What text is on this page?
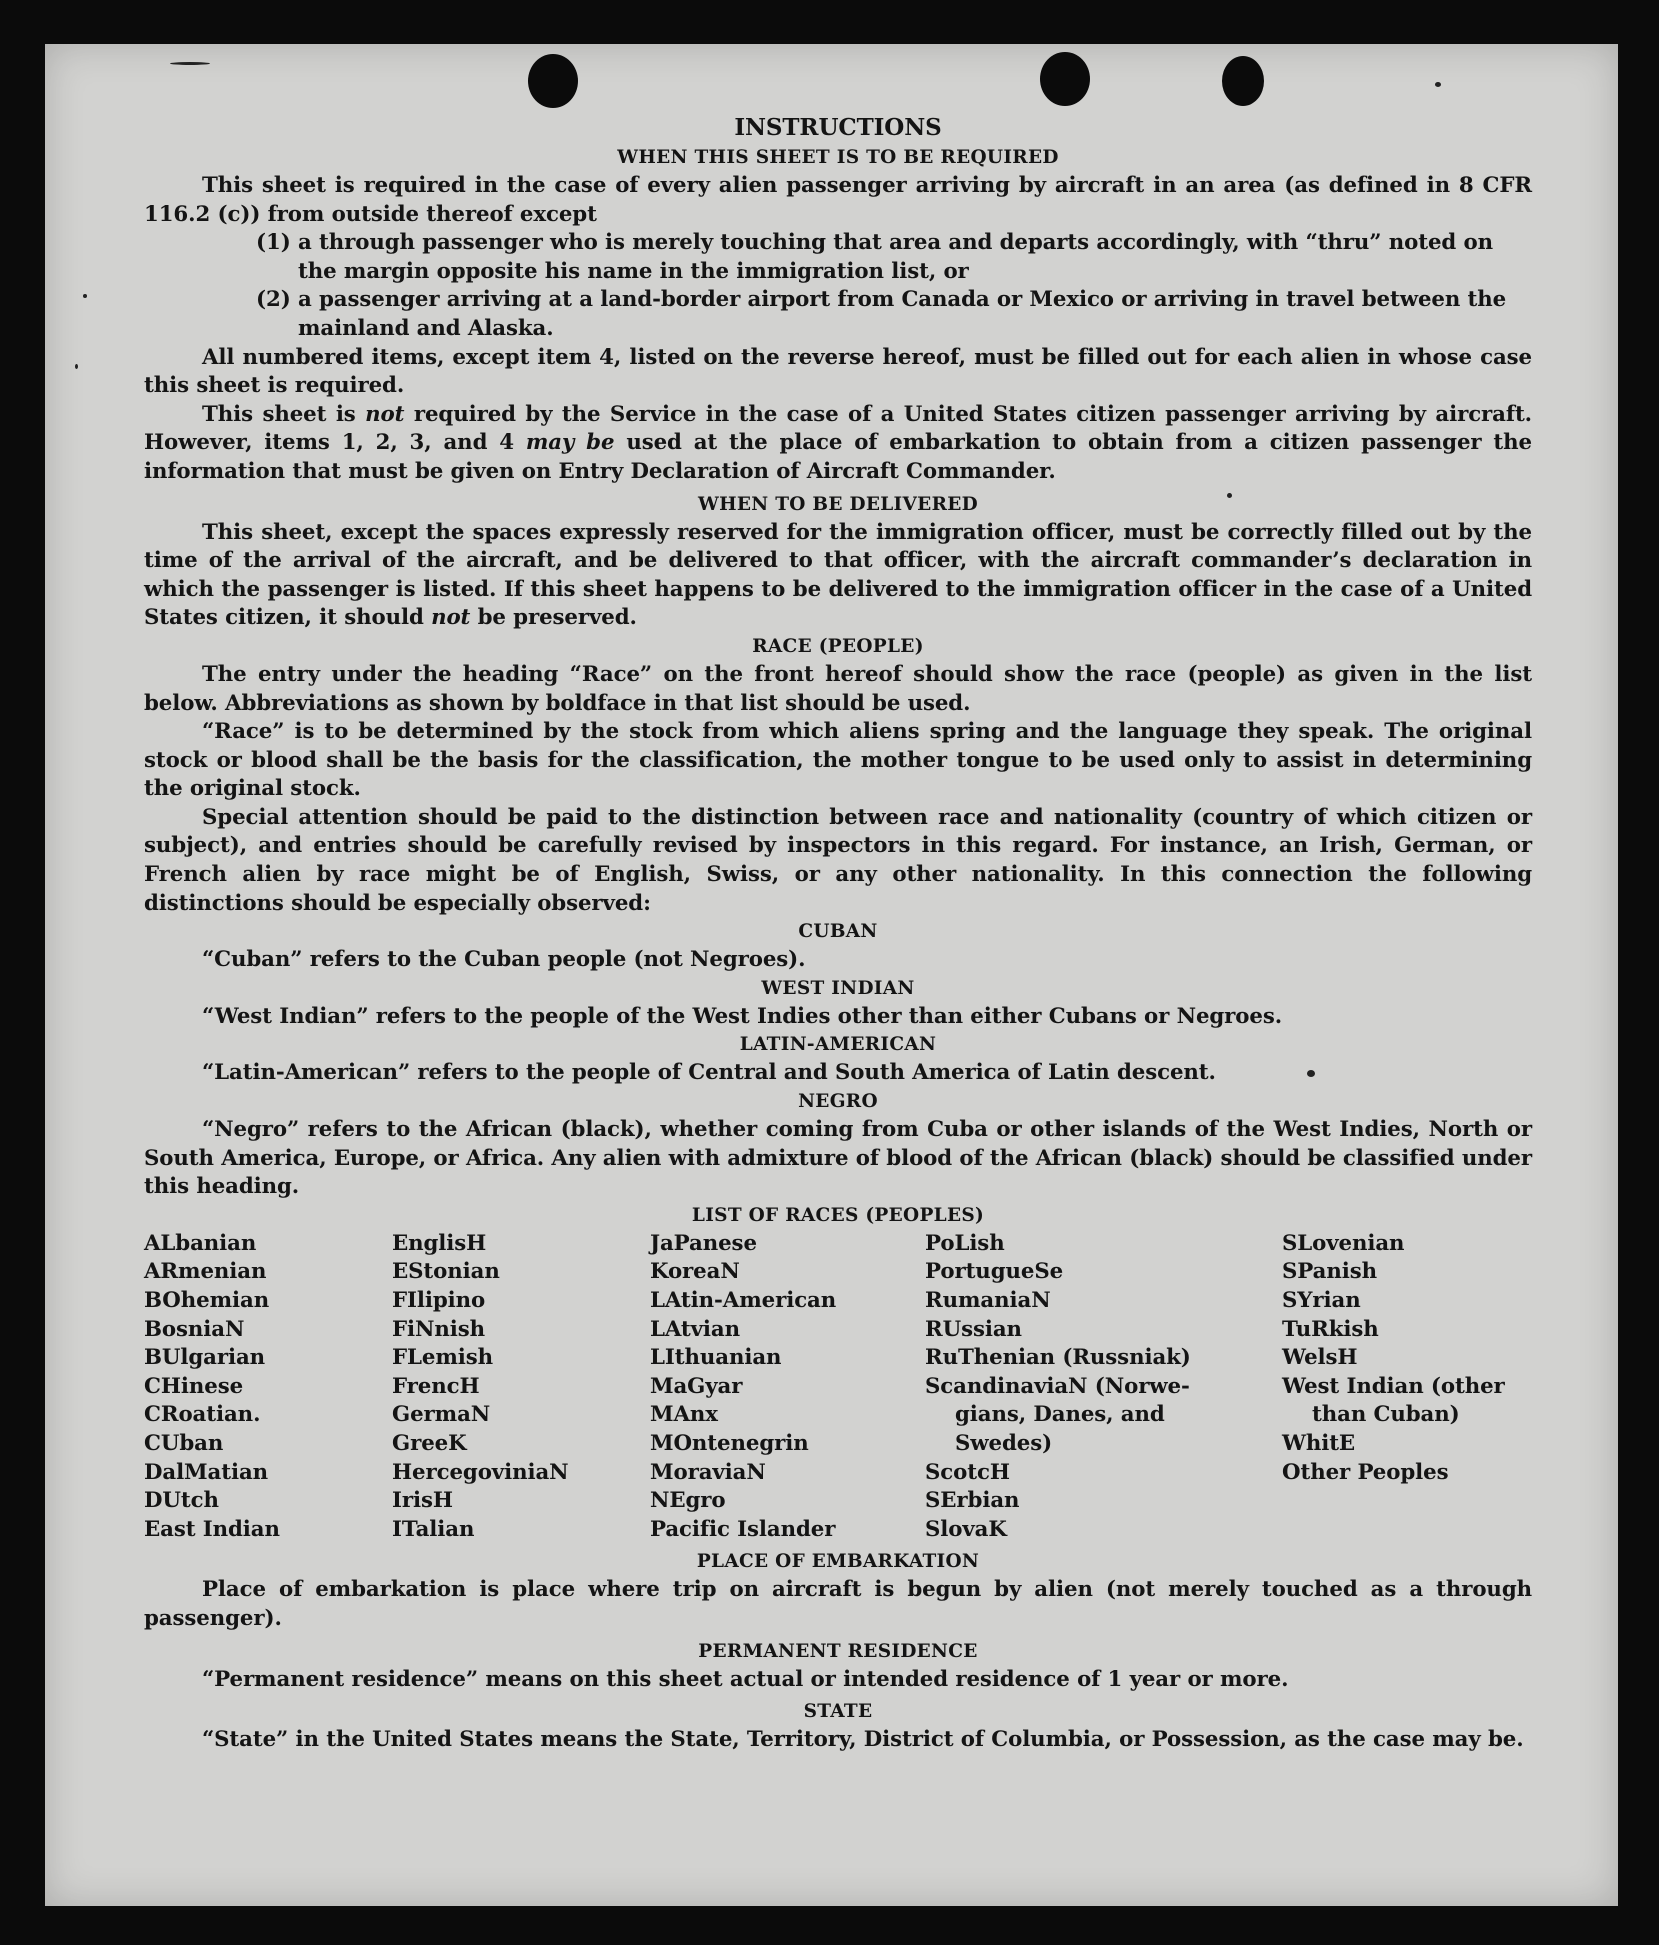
INSTRUCTIONS
WHEN THIS SHEET IS TO BE REQUIRED

This sheet is required in the case of every alien passenger arriving by aircraft in an area (as defined in 8 CFR 116.2 (c)) from outside thereof except

(1) a through passenger who is merely touching that area and departs accordingly, with “thru” noted on the margin opposite his name in the immigration list, or
(2) a passenger arriving at a land-border airport from Canada or Mexico or arriving in travel between the mainland and Alaska.

All numbered items, except item 4, listed on the reverse hereof, must be filled out for each alien in whose case this sheet is required.

This sheet is not required by the Service in the case of a United States citizen passenger arriving by aircraft. However, items 1, 2, 3, and 4 may be used at the place of embarkation to obtain from a citizen passenger the information that must be given on Entry Declaration of Aircraft Commander.

WHEN TO BE DELIVERED

This sheet, except the spaces expressly reserved for the immigration officer, must be correctly filled out by the time of the arrival of the aircraft, and be delivered to that officer, with the aircraft commander’s declaration in which the passenger is listed. If this sheet happens to be delivered to the immigration officer in the case of a United States citizen, it should not be preserved.

RACE (PEOPLE)

The entry under the heading “Race” on the front hereof should show the race (people) as given in the list below. Abbreviations as shown by boldface in that list should be used.

“Race” is to be determined by the stock from which aliens spring and the language they speak. The original stock or blood shall be the basis for the classification, the mother tongue to be used only to assist in determining the original stock.

Special attention should be paid to the distinction between race and nationality (country of which citizen or subject), and entries should be carefully revised by inspectors in this regard. For instance, an Irish, German, or French alien by race might be of English, Swiss, or any other nationality. In this connection the following distinctions should be especially observed:

CUBAN

“Cuban” refers to the Cuban people (not Negroes).

WEST INDIAN

“West Indian” refers to the people of the West Indies other than either Cubans or Negroes.

LATIN-AMERICAN

“Latin-American” refers to the people of Central and South America of Latin descent.

NEGRO

“Negro” refers to the African (black), whether coming from Cuba or other islands of the West Indies, North or South America, Europe, or Africa. Any alien with admixture of blood of the African (black) should be classified under this heading.

LIST OF RACES (PEOPLES)
ALbanian
ARmenian
BOhemian
BosniaN
BUlgarian
CHinese
CRoatian.
CUban
DalMatian
DUtch
East Indian
EnglisH
EStonian
FIlipino
FiNnish
FLemish
FrencH
GermaN
GreeK
HercegoviniaN
IrisH
ITalian
JaPanese
KoreaN
LAtin-American
LAtvian
LIthuanian
MaGyar
MAnx
MOntenegrin
MoraviaN
NEgro
Pacific Islander
PoLish
PortugueSe
RumaniaN
RUssian
RuThenian (Russniak)
ScandinaviaN (Norwe-
gians, Danes, and
Swedes)
ScotcH
SErbian
SlovaK
SLovenian
SPanish
SYrian
TuRkish
WelsH
West Indian (other
than Cuban)
WhitE
Other Peoples
PLACE OF EMBARKATION

Place of embarkation is place where trip on aircraft is begun by alien (not merely touched as a through passenger).

PERMANENT RESIDENCE

“Permanent residence” means on this sheet actual or intended residence of 1 year or more.

STATE

“State” in the United States means the State, Territory, District of Columbia, or Possession, as the case may be.
